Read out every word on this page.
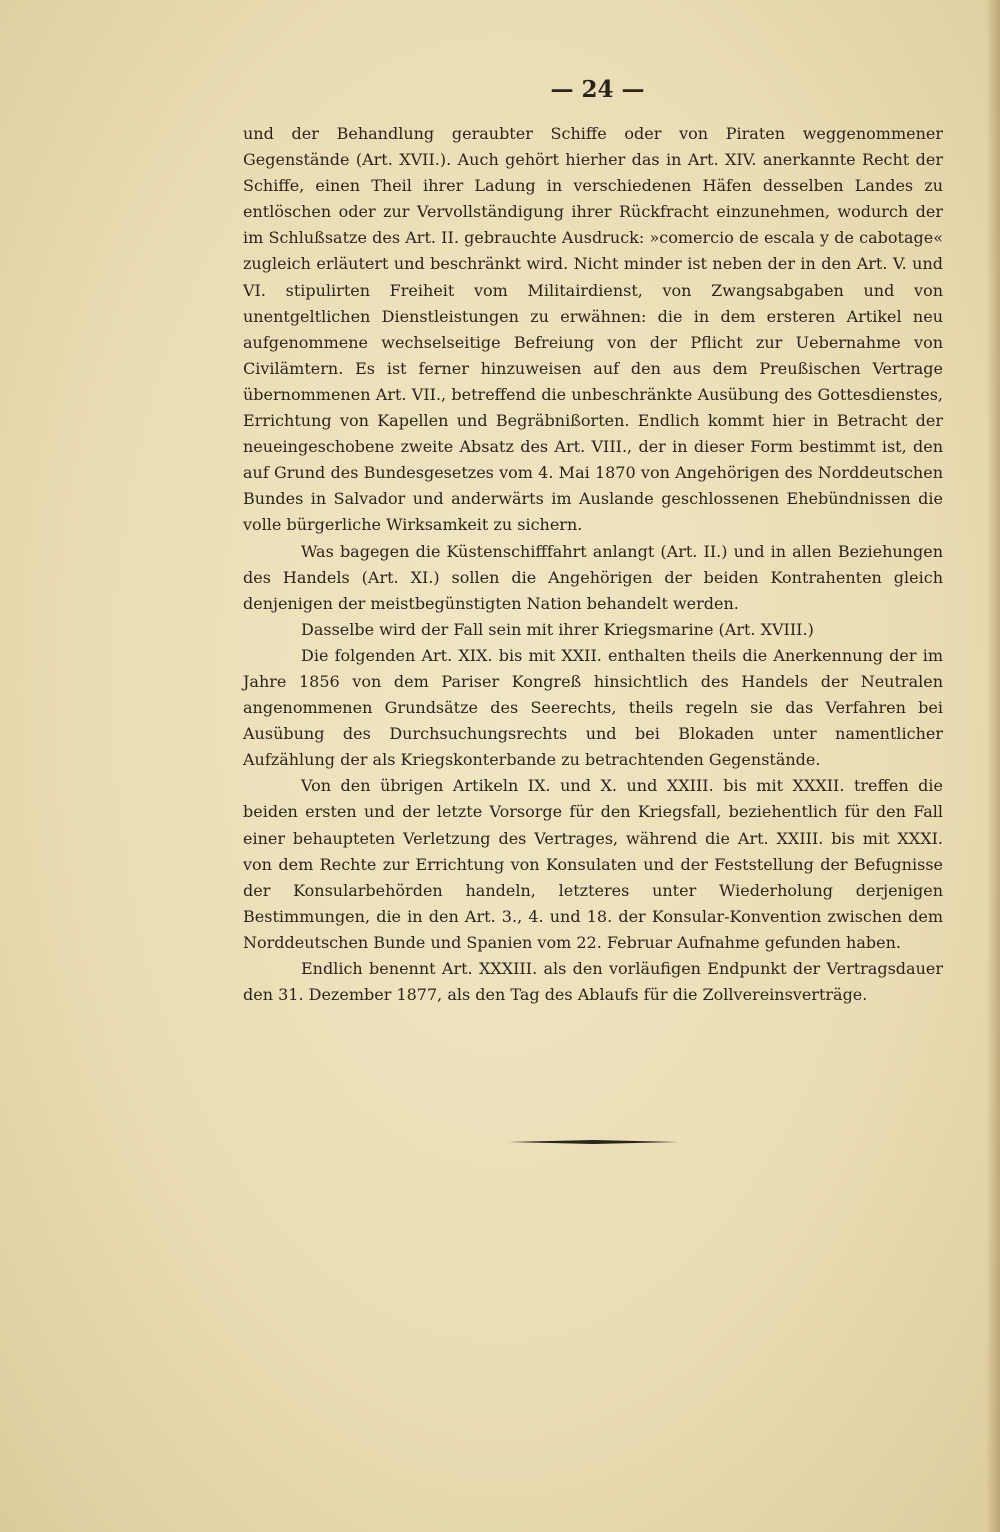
— 24 —

und der Behandlung geraubter Schiffe oder von Piraten weggenommener Gegenstände (Art. XVII.). Auch gehört hierher das in Art. XIV. anerkannte Recht der Schiffe, einen Theil ihrer Ladung in verschiedenen Häfen desselben Landes zu entlöschen oder zur Vervollständigung ihrer Rückfracht einzunehmen, wodurch der im Schlußsatze des Art. II. gebrauchte Ausdruck: »comercio de escala y de cabotage« zugleich erläutert und beschränkt wird. Nicht minder ist neben der in den Art. V. und VI. stipulirten Freiheit vom Militairdienst, von Zwangsabgaben und von unentgeltlichen Dienstleistungen zu erwähnen: die in dem ersteren Artikel neu aufgenommene wechselseitige Befreiung von der Pflicht zur Uebernahme von Civilämtern. Es ist ferner hinzuweisen auf den aus dem Preußischen Vertrage übernommenen Art. VII., betreffend die unbeschränkte Ausübung des Gottesdienstes, Errichtung von Kapellen und Begräbnißorten. Endlich kommt hier in Betracht der neueingeschobene zweite Absatz des Art. VIII., der in dieser Form bestimmt ist, den auf Grund des Bundesgesetzes vom 4. Mai 1870 von Angehörigen des Norddeutschen Bundes in Salvador und anderwärts im Auslande geschlossenen Ehebündnissen die volle bürgerliche Wirksamkeit zu sichern.

Was bagegen die Küstenschifffahrt anlangt (Art. II.) und in allen Beziehungen des Handels (Art. XI.) sollen die Angehörigen der beiden Kontrahenten gleich denjenigen der meistbegünstigten Nation behandelt werden.

Dasselbe wird der Fall sein mit ihrer Kriegsmarine (Art. XVIII.)

Die folgenden Art. XIX. bis mit XXII. enthalten theils die Anerkennung der im Jahre 1856 von dem Pariser Kongreß hinsichtlich des Handels der Neutralen angenommenen Grundsätze des Seerechts, theils regeln sie das Verfahren bei Ausübung des Durchsuchungsrechts und bei Blokaden unter namentlicher Aufzählung der als Kriegskonterbande zu betrachtenden Gegenstände.

Von den übrigen Artikeln IX. und X. und XXIII. bis mit XXXII. treffen die beiden ersten und der letzte Vorsorge für den Kriegsfall, beziehentlich für den Fall einer behaupteten Verletzung des Vertrages, während die Art. XXIII. bis mit XXXI. von dem Rechte zur Errichtung von Konsulaten und der Feststellung der Befugnisse der Konsularbehörden handeln, letzteres unter Wiederholung derjenigen Bestimmungen, die in den Art. 3., 4. und 18. der Konsular-Konvention zwischen dem Norddeutschen Bunde und Spanien vom 22. Februar Aufnahme gefunden haben.

Endlich benennt Art. XXXIII. als den vorläufigen Endpunkt der Vertragsdauer den 31. Dezember 1877, als den Tag des Ablaufs für die Zollvereinsverträge.
